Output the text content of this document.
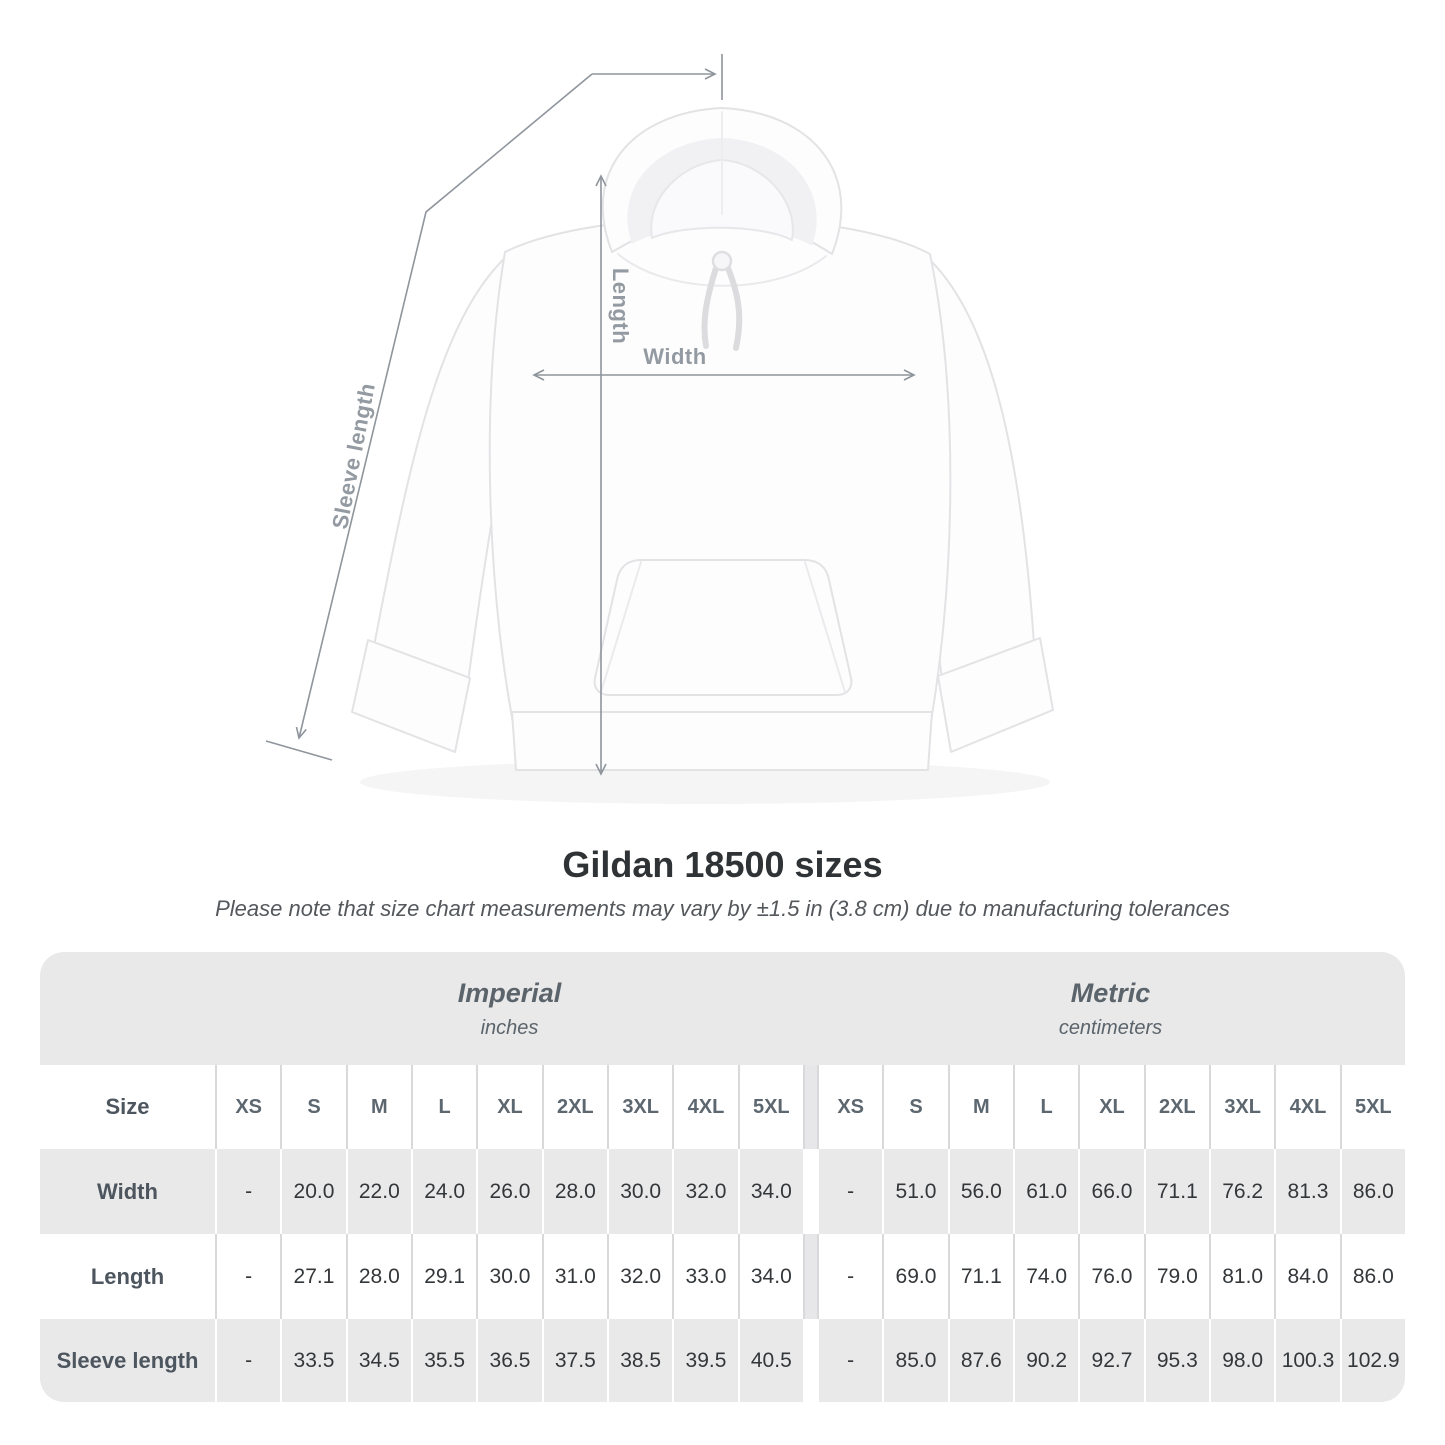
Sleeve length
Length
Width
Gildan 18500 sizes

Please note that size chart measurements may vary by ±1.5 in (3.8 cm) due to manufacturing tolerances

Imperial
inches
Metric
centimeters
Size	XS	S	M	L	XL	2XL	3XL	4XL	5XL	XS	S	M	L	XL	2XL	3XL	4XL	5XL
Width	-	20.0	22.0	24.0	26.0	28.0	30.0	32.0	34.0	-	51.0	56.0	61.0	66.0	71.1	76.2	81.3	86.0
Length	-	27.1	28.0	29.1	30.0	31.0	32.0	33.0	34.0	-	69.0	71.1	74.0	76.0	79.0	81.0	84.0	86.0
Sleeve length	-	33.5	34.5	35.5	36.5	37.5	38.5	39.5	40.5	-	85.0	87.6	90.2	92.7	95.3	98.0 100.3 102.9
